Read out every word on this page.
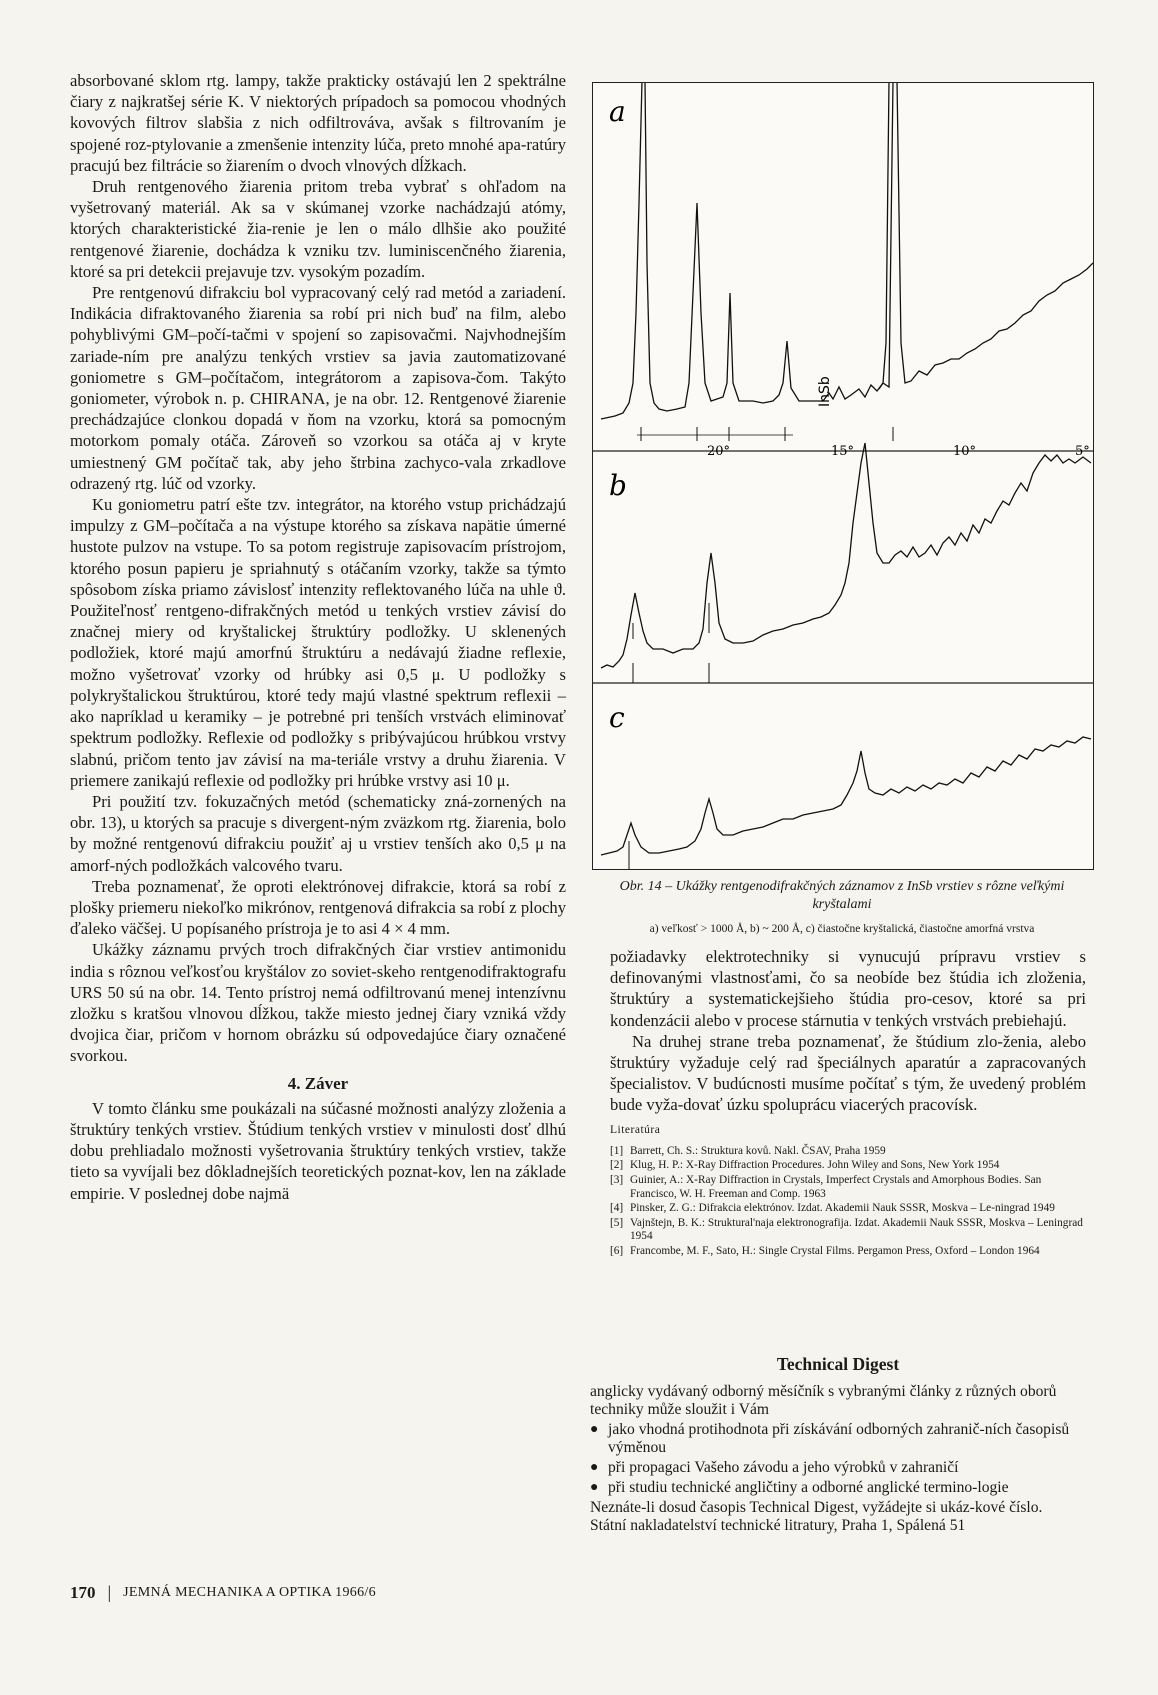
absorbované sklom rtg. lampy, takže prakticky ostávajú len 2 spektrálne čiary z najkratšej série K. V niektorých prípadoch sa pomocou vhodných kovových filtrov slabšia z nich odfiltrováva, avšak s filtrovaním je spojené roz-ptylovanie a zmenšenie intenzity lúča, preto mnohé apa-ratúry pracujú bez filtrácie so žiarením o dvoch vlnových dĺžkach.

Druh rentgenového žiarenia pritom treba vybrať s ohľadom na vyšetrovaný materiál. Ak sa v skúmanej vzorke nachádzajú atómy, ktorých charakteristické žia-renie je len o málo dlhšie ako použité rentgenové žiarenie, dochádza k vzniku tzv. luminiscenčného žiarenia, ktoré sa pri detekcii prejavuje tzv. vysokým pozadím.

Pre rentgenovú difrakciu bol vypracovaný celý rad metód a zariadení. Indikácia difraktovaného žiarenia sa robí pri nich buď na film, alebo pohyblivými GM–počí-tačmi v spojení so zapisovačmi. Najvhodnejším zariade-ním pre analýzu tenkých vrstiev sa javia zautomatizované goniometre s GM–počítačom, integrátorom a zapisova-čom. Takýto goniometer, výrobok n. p. CHIRANA, je na obr. 12. Rentgenové žiarenie prechádzajúce clonkou dopadá v ňom na vzorku, ktorá sa pomocným motorkom pomaly otáča. Zároveň so vzorkou sa otáča aj v kryte umiestnený GM počítač tak, aby jeho štrbina zachyco-vala zrkadlove odrazený rtg. lúč od vzorky.

Ku goniometru patrí ešte tzv. integrátor, na ktorého vstup prichádzajú impulzy z GM–počítača a na výstupe ktorého sa získava napätie úmerné hustote pulzov na vstupe. To sa potom registruje zapisovacím prístrojom, ktorého posun papieru je spriahnutý s otáčaním vzorky, takže sa týmto spôsobom získa priamo závislosť intenzity reflektovaného lúča na uhle ϑ. Použiteľnosť rentgeno-difrakčných metód u tenkých vrstiev závisí do značnej miery od kryštalickej štruktúry podložky. U sklenených podložiek, ktoré majú amorfnú štruktúru a nedávajú žiadne reflexie, možno vyšetrovať vzorky od hrúbky asi 0,5 μ. U podložky s polykryštalickou štruktúrou, ktoré tedy majú vlastné spektrum reflexii – ako napríklad u keramiky – je potrebné pri tenších vrstvách eliminovať spektrum podložky. Reflexie od podložky s pribývajúcou hrúbkou vrstvy slabnú, pričom tento jav závisí na ma-teriále vrstvy a druhu žiarenia. V priemere zanikajú reflexie od podložky pri hrúbke vrstvy asi 10 μ.

Pri použití tzv. fokuzačných metód (schematicky zná-zornených na obr. 13), u ktorých sa pracuje s divergent-ným zväzkom rtg. žiarenia, bolo by možné rentgenovú difrakciu použiť aj u vrstiev tenších ako 0,5 μ na amorf-ných podložkách valcového tvaru.

Treba poznamenať, že oproti elektrónovej difrakcie, ktorá sa robí z plošky priemeru niekoľko mikrónov, rentgenová difrakcia sa robí z plochy ďaleko väčšej. U popísaného prístroja je to asi 4 × 4 mm.

Ukážky záznamu prvých troch difrakčných čiar vrstiev antimonidu india s rôznou veľkosťou kryštálov zo soviet-skeho rentgenodifraktografu URS 50 sú na obr. 14. Tento prístroj nemá odfiltrovanú menej intenzívnu zložku s kratšou vlnovou dĺžkou, takže miesto jednej čiary vzniká vždy dvojica čiar, pričom v hornom obrázku sú odpovedajúce čiary označené svorkou.

4. Záver

V tomto článku sme poukázali na súčasné možnosti analýzy zloženia a štruktúry tenkých vrstiev. Štúdium tenkých vrstiev v minulosti dosť dlhú dobu prehliadalo možnosti vyšetrovania štruktúry tenkých vrstiev, takže tieto sa vyvíjali bez dôkladnejších teoretických poznat-kov, len na základe empirie. V poslednej dobe najmä

a
InSb
20°	15°	10°	5°
b
c
Obr. 14 – Ukážky rentgenodifrakčných záznamov z InSb vrstiev s rôzne veľkými kryštalami
a) veľkosť > 1000 Å, b) ~ 200 Å, c) čiastočne kryštalická, čiastočne amorfná vrstva

požiadavky elektrotechniky si vynucujú prípravu vrstiev s definovanými vlastnosťami, čo sa neobíde bez štúdia ich zloženia, štruktúry a systematickejšieho štúdia pro-cesov, ktoré sa pri kondenzácii alebo v procese stárnutia v tenkých vrstvách prebiehajú.

Na druhej strane treba poznamenať, že štúdium zlo-ženia, alebo štruktúry vyžaduje celý rad špeciálnych aparatúr a zapracovaných špecialistov. V budúcnosti musíme počítať s tým, že uvedený problém bude vyža-dovať úzku spoluprácu viacerých pracovísk.

Literatúra
[1] Barrett, Ch. S.: Struktura kovů. Nakl. ČSAV, Praha 1959
[2] Klug, H. P.: X-Ray Diffraction Procedures. John Wiley and Sons, New York 1954
[3] Guinier, A.: X-Ray Diffraction in Crystals, Imperfect Crystals and Amorphous Bodies. San Francisco, W. H. Freeman and Comp. 1963
[4] Pinsker, Z. G.: Difrakcia elektrónov. Izdat. Akademii Nauk SSSR, Moskva – Le-ningrad 1949
[5] Vajnštejn, B. K.: Struktural'naja elektronografija. Izdat. Akademii Nauk SSSR, Moskva – Leningrad 1954
[6] Francombe, M. F., Sato, H.: Single Crystal Films. Pergamon Press, Oxford – London 1964
Technical Digest

anglicky vydávaný odborný měsíčník s vybranými články z různých oborů techniky může sloužit i Vám

● jako vhodná protihodnota při získávání odborných zahranič-ních časopisů výměnou
● při propagaci Vašeho závodu a jeho výrobků v zahraničí
● při studiu technické angličtiny a odborné anglické termino-logie

Neznáte-li dosud časopis Technical Digest, vyžádejte si ukáz-kové číslo.

Státní nakladatelství technické litratury, Praha 1, Spálená 51

170 | JEMNÁ MECHANIKA A OPTIKA 1966/6
